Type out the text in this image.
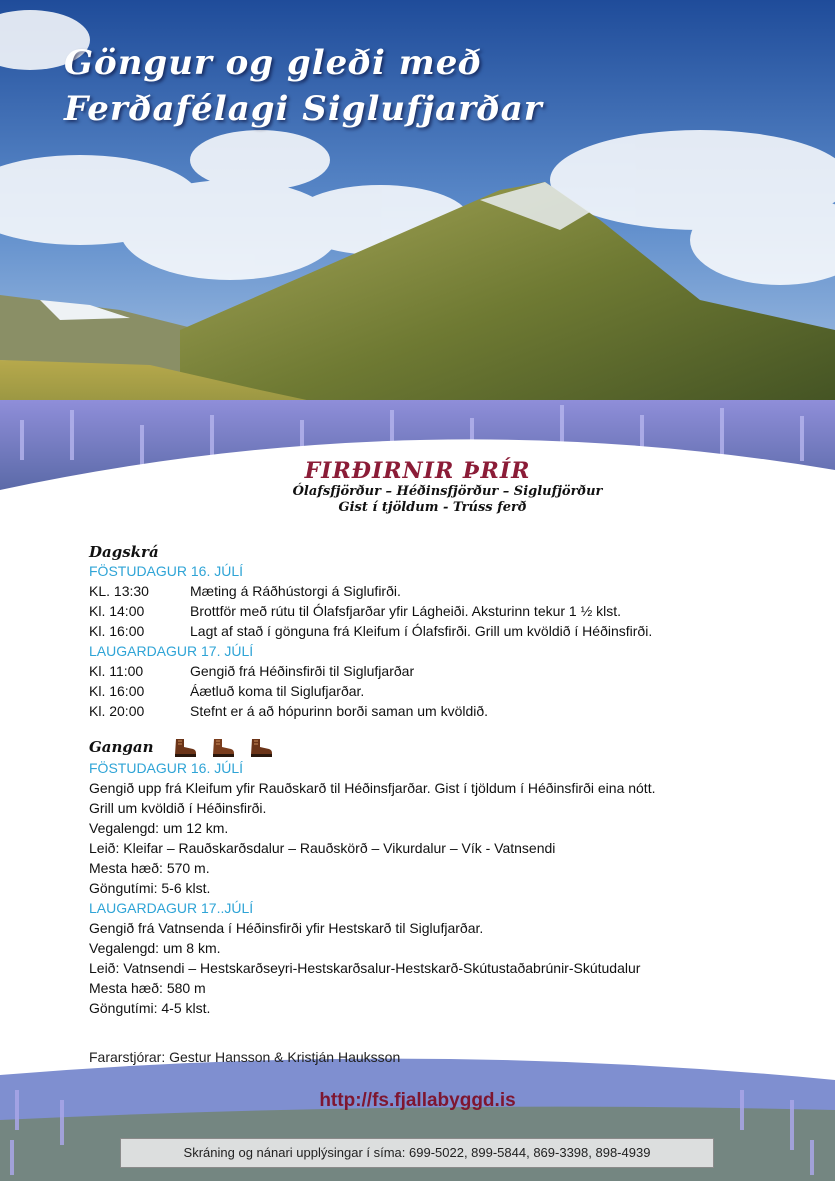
Göngur og gleði með
Ferðafélagi Siglufjarðar
FIRÐIRNIR ÞRÍR
Ólafsfjörður – Héðinsfjörður – Siglufjörður
Gist í tjöldum - Trúss ferð
Dagskrá
FÖSTUDAGUR 16. JÚLÍ
KL. 13:30	Mæting á Ráðhústorgi á Siglufirði.
Kl. 14:00	Brottför með rútu til Ólafsfjarðar yfir Lágheiði. Aksturinn tekur 1 ½ klst.
Kl. 16:00	Lagt af stað í gönguna frá Kleifum í Ólafsfirði. Grill um kvöldið í Héðinsfirði.
LAUGARDAGUR 17. JÚLÍ
Kl. 11:00	Gengið frá Héðinsfirði til Siglufjarðar
Kl. 16:00	Áætluð koma til Siglufjarðar.
Kl. 20:00	Stefnt er á að hópurinn borði saman um kvöldið.
Gangan
FÖSTUDAGUR 16. JÚLÍ
Gengið upp frá Kleifum yfir Rauðskarð til Héðinsfjarðar. Gist í tjöldum í Héðinsfirði eina nótt.
Grill um kvöldið í Héðinsfirði.
Vegalengd: um 12 km.
Leið: Kleifar – Rauðskarðsdalur – Rauðskörð – Vikurdalur – Vík - Vatnsendi
Mesta hæð: 570 m.
Göngutími: 5-6 klst.
LAUGARDAGUR 17..JÚLÍ
Gengið frá Vatnsenda í Héðinsfirði yfir Hestskarð til Siglufjarðar.
Vegalengd: um 8 km.
Leið: Vatnsendi – Hestskarðseyri-Hestskarðsalur-Hestskarð-Skútustaðabrúnir-Skútudalur
Mesta hæð: 580 m
Göngutími: 4-5 klst.
Fararstjórar: Gestur Hansson & Kristján Hauksson
http://fs.fjallabyggd.is
Skráning og nánari upplýsingar í síma: 699-5022, 899-5844, 869-3398, 898-4939
